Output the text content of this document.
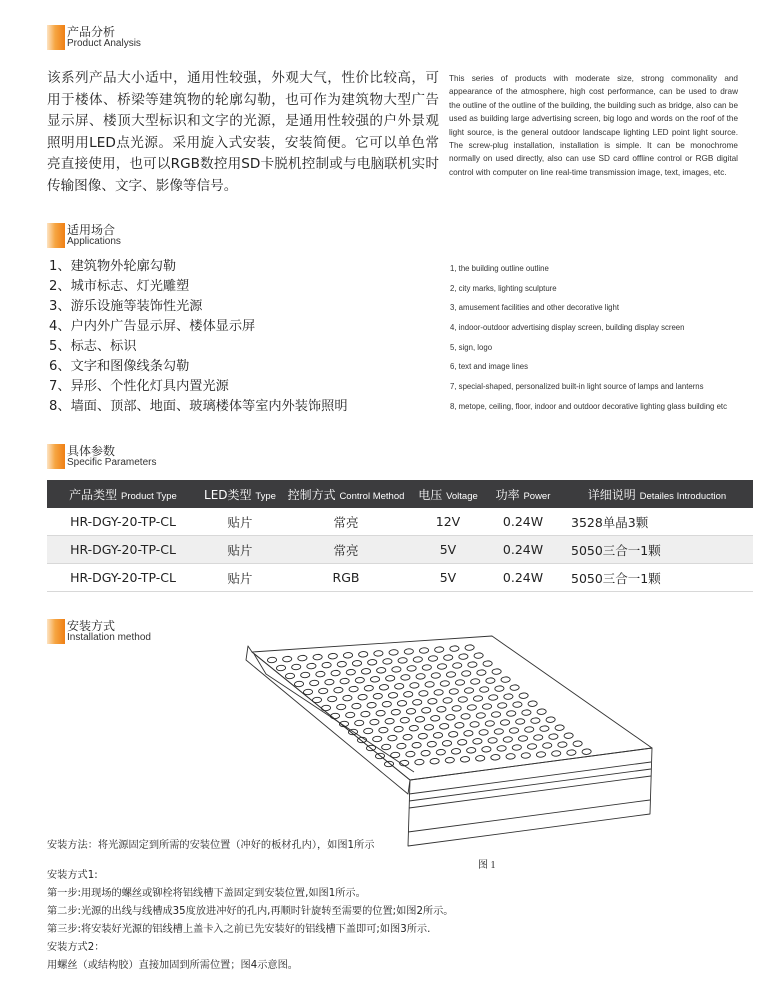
产品分析
Product Analysis
该系列产品大小适中，通用性较强，外观大气，性价比较高，可用于楼体、桥梁等建筑物的轮廓勾勒，也可作为建筑物大型广告显示屏、楼顶大型标识和文字的光源，是通用性较强的户外景观照明用LED点光源。采用旋入式安装，安装简便。它可以单色常亮直接使用，也可以RGB数控用SD卡脱机控制或与电脑联机实时传输图像、文字、影像等信号。
This series of products with moderate size, strong commonality and appearance of the atmosphere, high cost performance, can be used to draw the outline of the outline of the building, the building such as bridge, also can be used as building large advertising screen, big logo and words on the roof of the light source, is the general outdoor landscape lighting LED point light source. The screw-plug installation, installation is simple. It can be monochrome normally on used directly, also can use SD card offline control or RGB digital control with computer on line real-time transmission image, text, images, etc.
适用场合
Applications
1、建筑物外轮廓勾勒
2、城市标志、灯光雕塑
3、游乐设施等装饰性光源
4、户内外广告显示屏、楼体显示屏
5、标志、标识
6、文字和图像线条勾勒
7、异形、个性化灯具内置光源
8、墙面、顶部、地面、玻璃楼体等室内外装饰照明
1, the building outline outline
2, city marks, lighting sculpture
3, amusement facilities and other decorative light
4, indoor-outdoor advertising display screen, building display screen
5, sign, logo
6, text and image lines
7, special-shaped, personalized built-in light source of lamps and lanterns
8, metope, ceiling, floor, indoor and outdoor decorative lighting glass building etc
具体参数
Specific Parameters
产品类型 Product Type	LED类型 Type	控制方式 Control Method	电压 Voltage	功率 Power	详细说明 Detailes Introduction
HR-DGY-20-TP-CL	贴片	常亮	12V	0.24W	3528单晶3颗
HR-DGY-20-TP-CL	贴片	常亮	5V	0.24W	5050三合一1颗
HR-DGY-20-TP-CL	贴片	RGB	5V	0.24W	5050三合一1颗
安装方式
Installation method
图 1
安装方法：将光源固定到所需的安装位置（冲好的板材孔内），如图1所示
安装方式1:
第一步:用现场的螺丝或铆栓将铝线槽下盖固定到安装位置,如图1所示。
第二步:光源的出线与线槽成35度放进冲好的孔内,再顺时针旋转至需要的位置;如图2所示。
第三步:将安装好光源的铝线槽上盖卡入之前已先安装好的铝线槽下盖即可;如图3所示.
安装方式2：
用螺丝（或结构胶）直接加固到所需位置；图4示意图。
